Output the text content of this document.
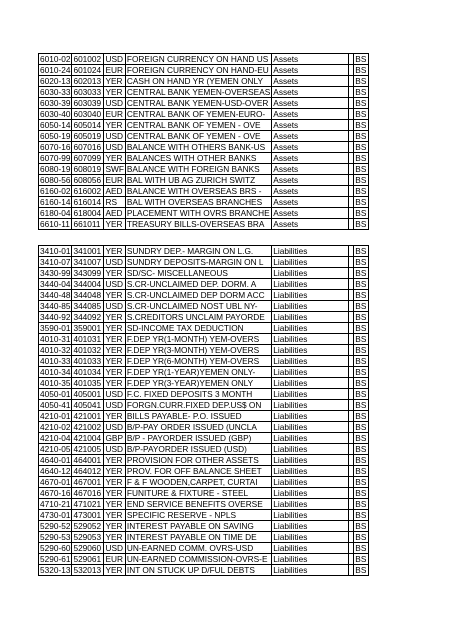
6010-02	601002	USD	FOREIGN CURRENCY ON HAND US	Assets		BS
6010-24	601024	EUR	FOREIGN CURRENCY ON HAND-EU	Assets		BS
6020-13	602013	YER	CASH ON HAND YR (YEMEN ONLY	Assets		BS
6030-33	603033	YER	CENTRAL BANK YEMEN-OVERSEAS	Assets		BS
6030-39	603039	USD	CENTRAL BANK YEMEN-USD-OVER	Assets		BS
6030-40	603040	EUR	CENTRAL BANK OF YEMEN-EURO-	Assets		BS
6050-14	605014	YER	CENTRAL BANK OF YEMEN - OVE	Assets		BS
6050-19	605019	USD	CENTRAL BANK OF YEMEN - OVE	Assets		BS
6070-16	607016	USD	BALANCE WITH OTHERS BANK-US	Assets		BS
6070-99	607099	YER	BALANCES WITH OTHER BANKS	Assets		BS
6080-19	608019	SWF	BALANCE WITH FOREIGN BANKS	Assets		BS
6080-56	608056	EUR	BAL WITH UB AG ZURICH SWITZ	Assets		BS
6160-02	616002	AED	BALANCE WITH OVERSEAS BRS -	Assets		BS
6160-14	616014	RS	BAL WITH OVERSEAS BRANCHES	Assets		BS
6180-04	618004	AED	PLACEMENT WITH OVRS BRANCHE	Assets		BS
6610-11	661011	YER	TREASURY BILLS-OVERSEAS BRA	Assets		BS

3410-01	341001	YER	SUNDRY DEP.- MARGIN ON L.G.	Liabilities		BS
3410-07	341007	USD	SUNDRY DEPOSITS-MARGIN ON L	Liabilities		BS
3430-99	343099	YER	SD/SC- MISCELLANEOUS	Liabilities		BS
3440-04	344004	USD	S.CR-UNCLAIMED DEP. DORM. A	Liabilities		BS
3440-48	344048	YER	S.CR-UNCLAIMED DEP DORM ACC	Liabilities		BS
3440-85	344085	USD	S.CR-UNCLAIMED NOST UBL NY-	Liabilities		BS
3440-92	344092	YER	S.CREDITORS UNCLAIM PAYORDE	Liabilities		BS
3590-01	359001	YER	SD-INCOME TAX DEDUCTION	Liabilities		BS
4010-31	401031	YER	F.DEP YR(1-MONTH) YEM-OVERS	Liabilities		BS
4010-32	401032	YER	F.DEP YR(3-MONTH) YEM-OVERS	Liabilities		BS
4010-33	401033	YER	F.DEP YR(6-MONTH) YEM-OVERS	Liabilities		BS
4010-34	401034	YER	F.DEP YR(1-YEAR)YEMEN ONLY-	Liabilities		BS
4010-35	401035	YER	F.DEP YR(3-YEAR)YEMEN ONLY	Liabilities		BS
4050-01	405001	USD	F.C. FIXED DEPOSITS 3 MONTH	Liabilities		BS
4050-41	405041	USD	FORGN.CURR.FIXED DEP.US$ ON	Liabilities		BS
4210-01	421001	YER	BILLS PAYABLE- P.O. ISSUED	Liabilities		BS
4210-02	421002	USD	B/P-PAY ORDER ISSUED (UNCLA	Liabilities		BS
4210-04	421004	GBP	B/P - PAYORDER ISSUED (GBP)	Liabilities		BS
4210-05	421005	USD	B/P-PAYORDER ISSUED (USD)	Liabilities		BS
4640-01	464001	YER	PROVISION FOR OTHER ASSETS	Liabilities		BS
4640-12	464012	YER	PROV. FOR OFF BALANCE SHEET	Liabilities		BS
4670-01	467001	YER	F & F WOODEN,CARPET, CURTAI	Liabilities		BS
4670-16	467016	YER	FUNITURE & FIXTURE - STEEL	Liabilities		BS
4710-21	471021	YER	END SERVICE BENEFITS OVERSE	Liabilities		BS
4730-01	473001	YER	SPECIFIC RESERVE - NPLS	Liabilities		BS
5290-52	529052	YER	INTEREST PAYABLE ON SAVING	Liabilities		BS
5290-53	529053	YER	INTEREST PAYABLE ON TIME DE	Liabilities		BS
5290-60	529060	USD	UN-EARNED COMM. OVRS-USD	Liabilities		BS
5290-61	529061	EUR	UN-EARNED COMMISSION-OVRS-E	Liabilities		BS
5320-13	532013	YER	INT ON STUCK UP D/FUL DEBTS	Liabilities		BS
